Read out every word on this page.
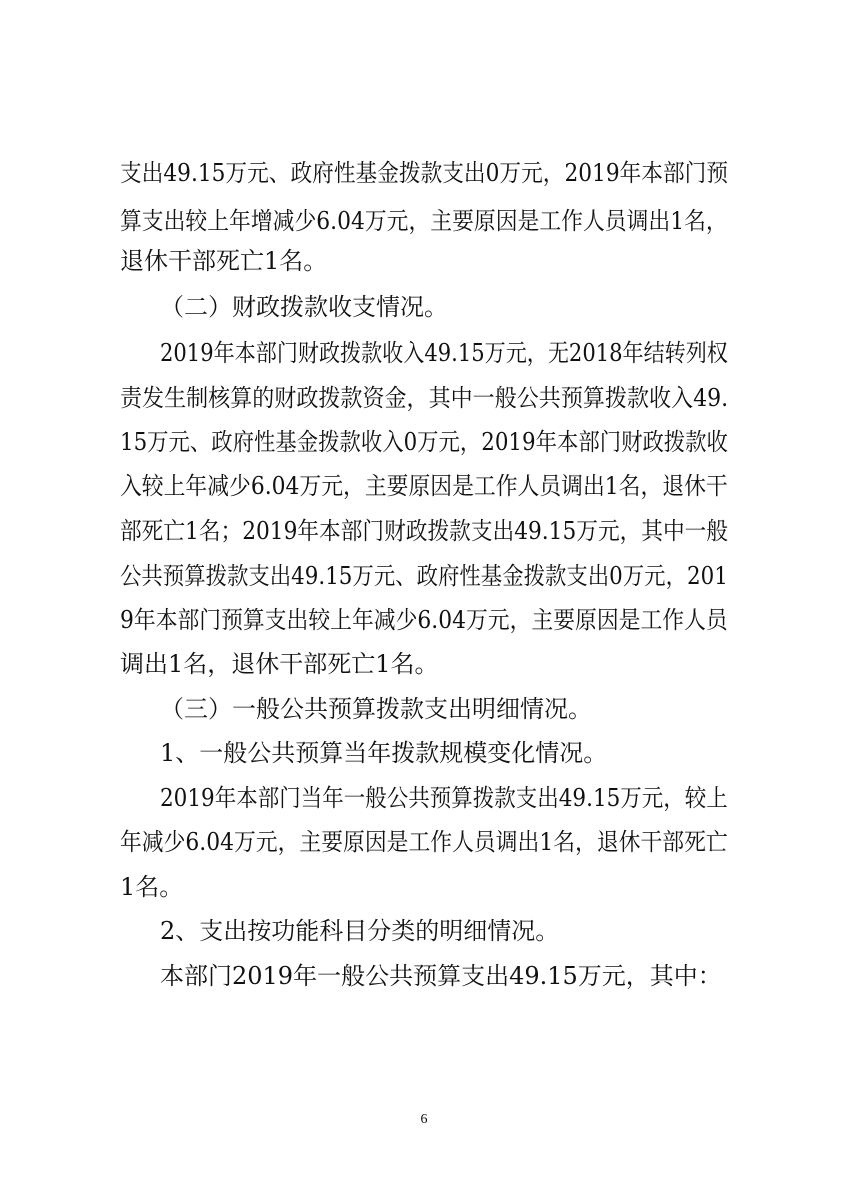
支出49.15万元、政府性基金拨款支出0万元，2019年本部门预
算支出较上年增减少6.04万元，主要原因是工作人员调出1名，
退休干部死亡1名。
（二）财政拨款收支情况。
2019年本部门财政拨款收入49.15万元，无2018年结转列权
责发生制核算的财政拨款资金，其中一般公共预算拨款收入49.
15万元、政府性基金拨款收入0万元，2019年本部门财政拨款收
入较上年减少6.04万元，主要原因是工作人员调出1名，退休干
部死亡1名；2019年本部门财政拨款支出49.15万元，其中一般
公共预算拨款支出49.15万元、政府性基金拨款支出0万元，201
9年本部门预算支出较上年减少6.04万元，主要原因是工作人员
调出1名，退休干部死亡1名。
（三）一般公共预算拨款支出明细情况。
1、一般公共预算当年拨款规模变化情况。
2019年本部门当年一般公共预算拨款支出49.15万元，较上
年减少6.04万元，主要原因是工作人员调出1名，退休干部死亡
1名。
2、支出按功能科目分类的明细情况。
本部门2019年一般公共预算支出49.15万元，其中：
6
